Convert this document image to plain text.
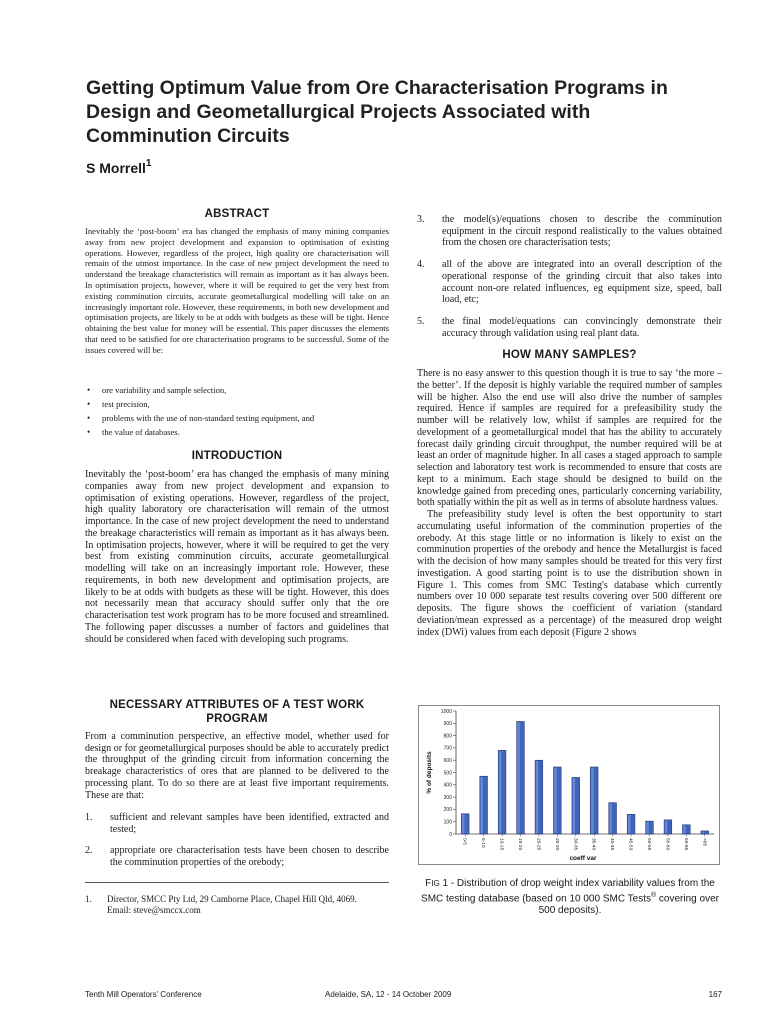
Getting Optimum Value from Ore Characterisation Programs in
Design and Geometallurgical Projects Associated with
Comminution Circuits
S Morrell$^1$
ABSTRACT
Inevitably the ‘post-boom’ era has changed the emphasis of many mining companies away from new project development and expansion to optimisation of existing operations. However, regardless of the project, high quality ore characterisation will remain of the utmost importance. In the case of new project development the need to understand the breakage characteristics will remain as important as it has always been. In optimisation projects, however, where it will be required to get the very best from existing comminution circuits, accurate geometallurgical modelling will take on an increasingly important role. However, these requirements, in both new development and optimisation projects, are likely to be at odds with budgets as these will be tight. Hence obtaining the best value for money will be essential. This paper discusses the elements that need to be satisfied for ore characterisation programs to be successful. Some of the issues covered will be:
• ore variability and sample selection,
• test precision,
• problems with the use of non-standard testing equipment, and
• the value of databases.
INTRODUCTION

Inevitably the ‘post-boom’ era has changed the emphasis of many mining companies away from new project development and expansion to optimisation of existing operations. However, regardless of the project, high quality laboratory ore characterisation will remain of the utmost importance. In the case of new project development the need to understand the breakage characteristics will remain as important as it has always been. In optimisation projects, however, where it will be required to get the very best from existing comminution circuits, accurate geometallurgical modelling will take on an increasingly important role. However, these requirements, in both new development and optimisation projects, are likely to be at odds with budgets as these will be tight. However, this does not necessarily mean that accuracy should suffer only that the ore characterisation test work program has to be more focused and streamlined. The following paper discusses a number of factors and guidelines that should be considered when faced with developing such programs.

NECESSARY ATTRIBUTES OF A TEST WORK PROGRAM

From a comminution perspective, an effective model, whether used for design or for geometallurgical purposes should be able to accurately predict the throughput of the grinding circuit from information concerning the breakage characteristics of ores that are planned to be delivered to the processing plant. To do so there are at least five important requirements. These are that:

1. sufficient and relevant samples have been identified, extracted and tested;
2. appropriate ore characterisation tests have been chosen to describe the comminution properties of the orebody;
1.	Director, SMCC Pty Ltd, 29 Camborne Place, Chapel Hill Qld, 4069.
Email: steve@smccx.com
3. the model(s)/equations chosen to describe the comminution equipment in the circuit respond realistically to the values obtained from the chosen ore characterisation tests;
4. all of the above are integrated into an overall description of the operational response of the grinding circuit that also takes into account non-ore related influences, eg equipment size, speed, ball load, etc;
5. the final model/equations can convincingly demonstrate their accuracy through validation using real plant data.
HOW MANY SAMPLES?

There is no easy answer to this question though it is true to say ‘the more – the better’. If the deposit is highly variable the required number of samples will be higher. Also the end use will also drive the number of samples required. Hence if samples are required for a prefeasibility study the number will be relatively low, whilst if samples are required for the development of a geometallurgical model that has the ability to accurately forecast daily grinding circuit throughput, the number required will be at least an order of magnitude higher. In all cases a staged approach to sample selection and laboratory test work is recommended to ensure that costs are kept to a minimum. Each stage should be designed to build on the knowledge gained from preceding ones, particularly concerning variability, both spatially within the pit as well as in terms of absolute hardness values.

The prefeasibility study level is often the best opportunity to start accumulating useful information of the comminution properties of the orebody. At this stage little or no information is likely to exist on the comminution properties of the orebody and hence the Metallurgist is faced with the decision of how many samples should be treated for this very first investigation. A good starting point is to use the distribution shown in Figure 1. This comes from SMC Testing's database which currently numbers over 10 000 separate test results covering over 500 different ore deposits. The figure shows the coefficient of variation (standard deviation/mean expressed as a percentage) of the measured drop weight index (DWi) values from each deposit (Figure 2 shows

0
100
200
300
400
500
600
700
800
900
1000
% of deposits
0-5	5-10	10-15	15-20	20-25	25-30	30-35	35-40	40-45	45-50	50-55	55-60	60-65	>65
coeff var
FIG 1 - Distribution of drop weight index variability values from the SMC testing database (based on 10 000 SMC Tests® covering over 500 deposits).
Tenth Mill Operators’ Conference	Adelaide, SA, 12 - 14 October 2009	167
